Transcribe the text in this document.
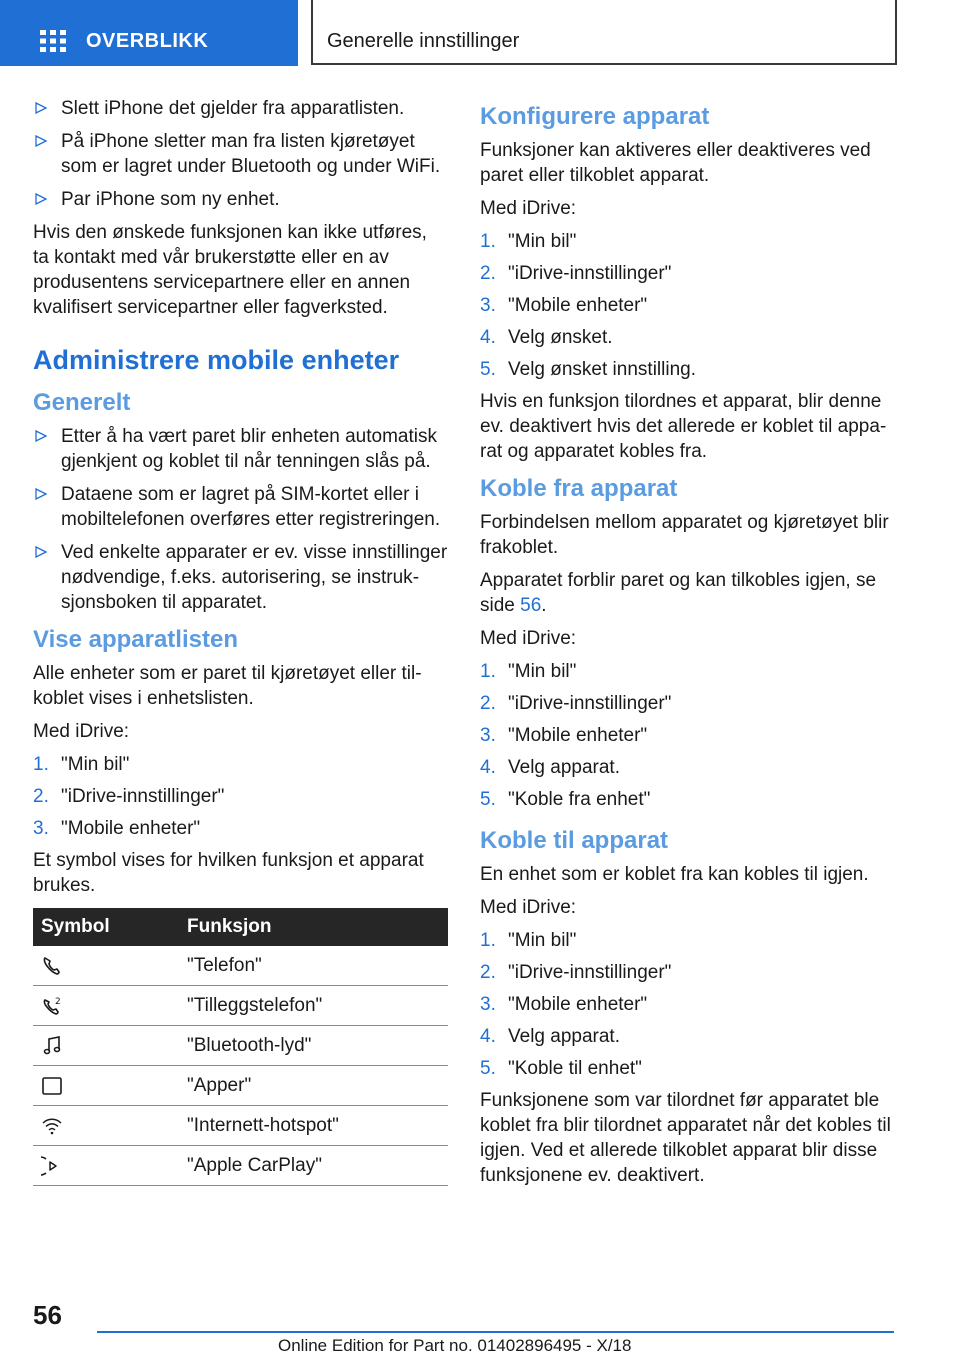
OVERBLIKK	Generelle innstillinger
Slett iPhone det gjelder fra apparatlisten.
På iPhone sletter man fra listen kjøretøyet som er lagret under Bluetooth og under WiFi.
Par iPhone som ny enhet.

Hvis den ønskede funksjonen kan ikke utføres, ta kontakt med vår brukerstøtte eller en av produsentens servicepartnere eller en annen kvalifisert servicepartner eller fagverksted.

Administrere mobile enheter
Generelt
Etter å ha vært paret blir enheten automatisk gjenkjent og koblet til når tenningen slås på.
Dataene som er lagret på SIM-kortet eller i mobiltelefonen overføres etter registreringen.
Ved enkelte apparater er ev. visse innstillinger nødvendige, f.eks. autorisering, se instruksjonsboken til apparatet.
Vise apparatlisten

Alle enheter som er paret til kjøretøyet eller tilkoblet vises i enhetslisten.

Med iDrive:

1. "Min bil"
2. "iDrive-innstillinger"
3. "Mobile enheter"

Et symbol vises for hvilken funksjon et apparat brukes.

Symbol	Funksjon

	"Telefon"

2	"Tilleggstelefon"

	"Bluetooth-lyd"

	"Apper"

	"Internett-hotspot"

	"Apple CarPlay"
Konfigurere apparat

Funksjoner kan aktiveres eller deaktiveres ved paret eller tilkoblet apparat.

Med iDrive:

1. "Min bil"
2. "iDrive-innstillinger"
3. "Mobile enheter"
4. Velg ønsket.
5. Velg ønsket innstilling.

Hvis en funksjon tilordnes et apparat, blir denne ev. deaktivert hvis det allerede er koblet til apparat og apparatet kobles fra.

Koble fra apparat

Forbindelsen mellom apparatet og kjøretøyet blir frakoblet.

Apparatet forblir paret og kan tilkobles igjen, se side 56.

Med iDrive:

1. "Min bil"
2. "iDrive-innstillinger"
3. "Mobile enheter"
4. Velg apparat.
5. "Koble fra enhet"
Koble til apparat

En enhet som er koblet fra kan kobles til igjen.

Med iDrive:

1. "Min bil"
2. "iDrive-innstillinger"
3. "Mobile enheter"
4. Velg apparat.
5. "Koble til enhet"

Funksjonene som var tilordnet før apparatet ble koblet fra blir tilordnet apparatet når det kobles til igjen. Ved et allerede tilkoblet apparat blir disse funksjonene ev. deaktivert.

56
Online Edition for Part no. 01402896495 - X/18
